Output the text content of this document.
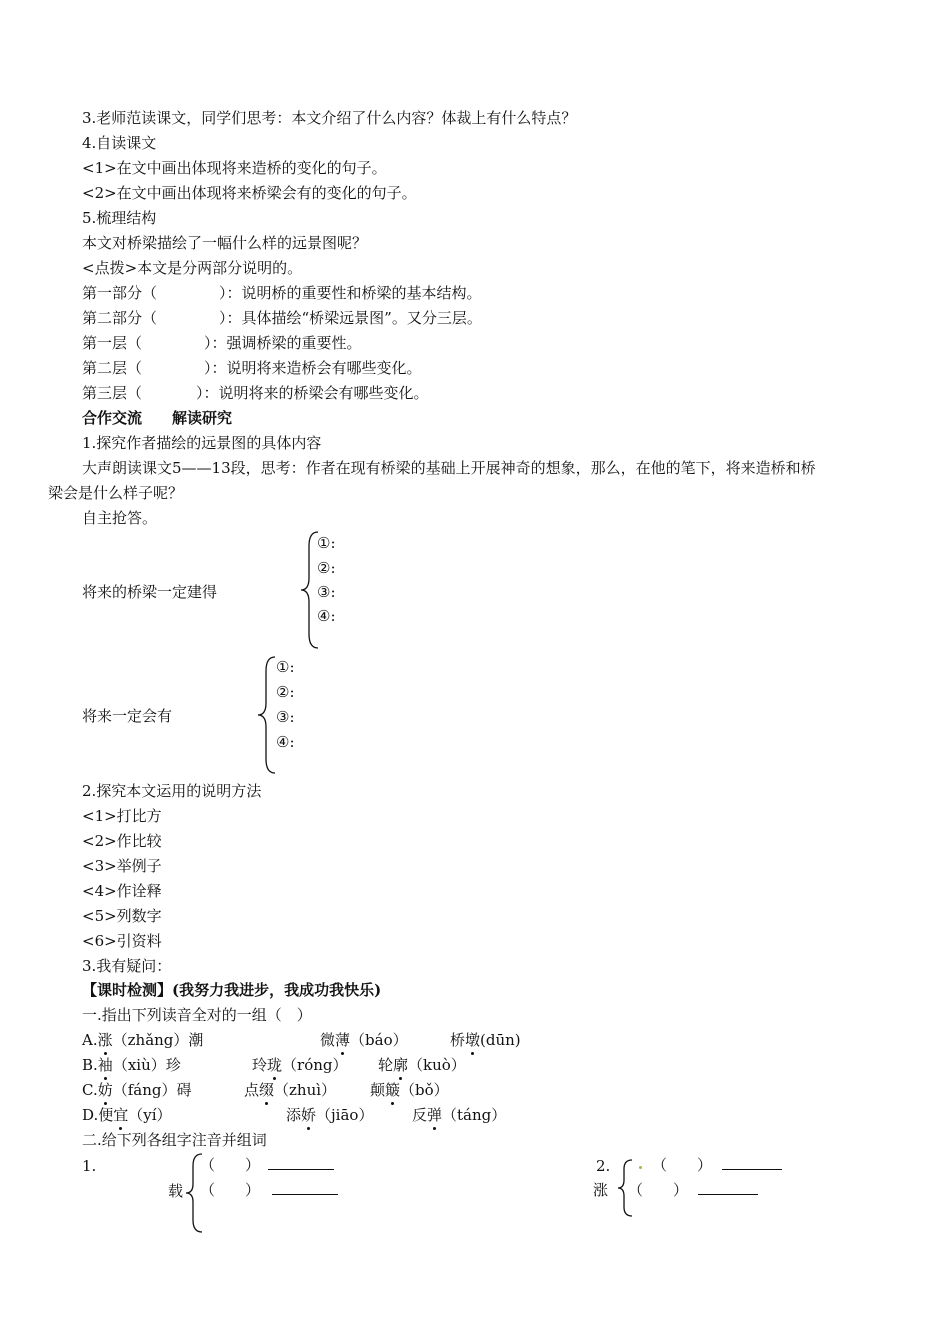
3.老师范读课文，同学们思考：本文介绍了什么内容？体裁上有什么特点？
4.自读课文
<1>在文中画出体现将来造桥的变化的句子。
<2>在文中画出体现将来桥梁会有的变化的句子。
5.梳理结构
本文对桥梁描绘了一幅什么样的远景图呢？
<点拨>本文是分两部分说明的。
第一部分（	）：说明桥的重要性和桥梁的基本结构。
第二部分（	）：具体描绘“桥梁远景图”。又分三层。
第一层（	）：强调桥梁的重要性。
第二层（	）：说明将来造桥会有哪些变化。
第三层（	）：说明将来的桥梁会有哪些变化。
合作交流　　解读研究
1.探究作者描绘的远景图的具体内容
大声朗读课文5——13段，思考：作者在现有桥梁的基础上开展神奇的想象，那么，在他的笔下，将来造桥和桥
梁会是什么样子呢？
自主抢答。
将来的桥梁一定建得
①:
②:
③:
④:
将来一定会有
①:
②:
③:
④:
2.探究本文运用的说明方法
<1>打比方
<2>作比较
<3>举例子
<4>作诠释
<5>列数字
<6>引资料
3.我有疑问：
【课时检测】(我努力我进步，我成功我快乐)
一.指出下列读音全对的一组（　）
A.涨（zhǎng）潮	微薄（báo）	桥墩(dūn)
B.袖（xiù）珍	玲珑（róng） 轮廓（kuò）
C.妨（fáng）碍	点缀（zhuì） 颠簸（bǒ）
D.便宜（yí）	添娇（jiāo）	反弹（táng）
二.给下列各组字注音并组词
1.
载
（　　）
（　　）
2.
涨
（　　）
（　　）
